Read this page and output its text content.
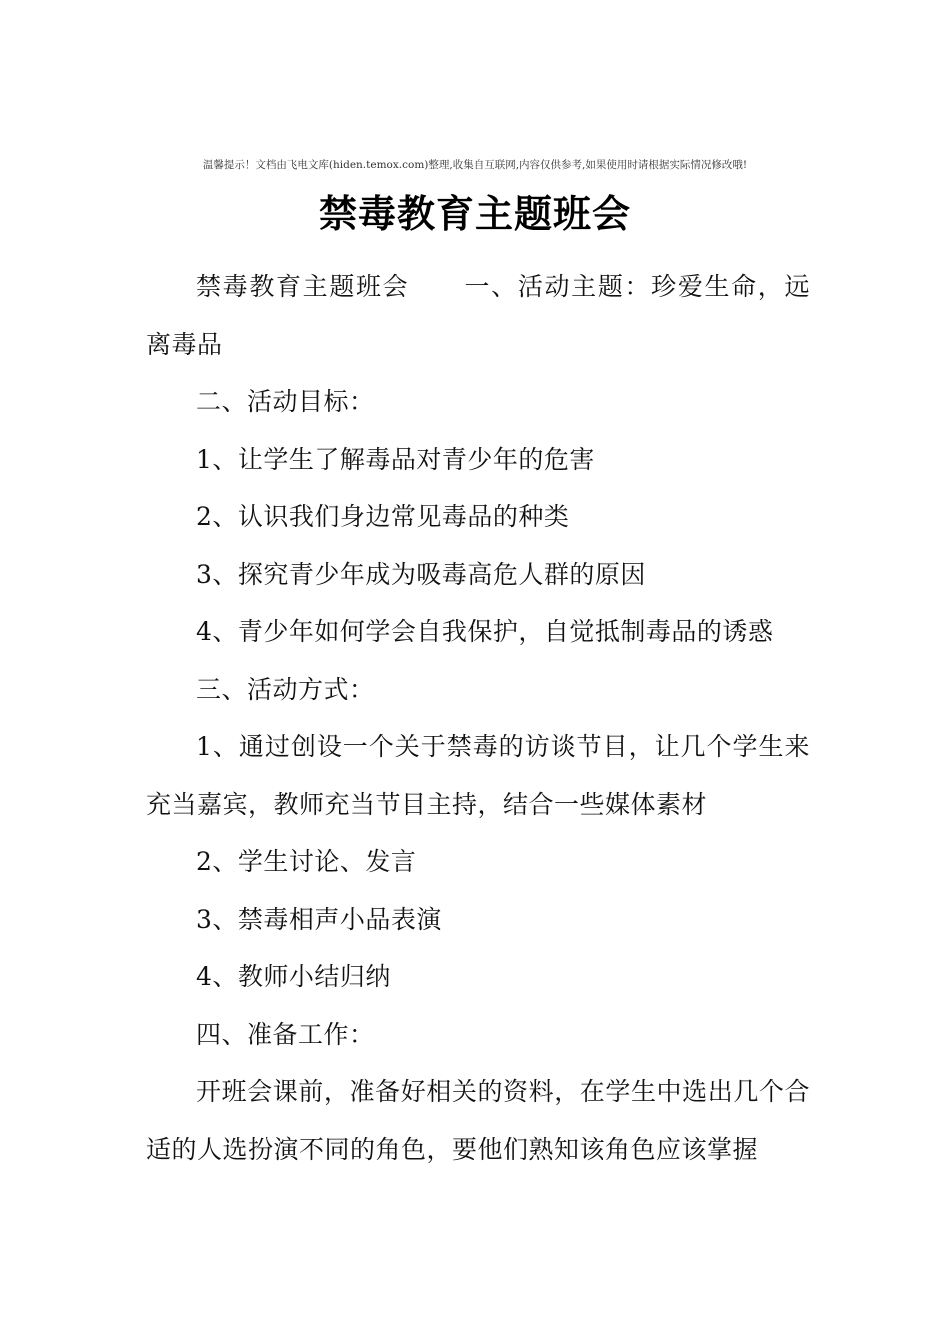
温馨提示！文档由飞电文库(hiden.temox.com)整理,收集自互联网,内容仅供参考,如果使用时请根据实际情况修改哦!
禁毒教育主题班会

禁毒教育主题班会 一、活动主题：珍爱生命，远离毒品

二、活动目标：

1、让学生了解毒品对青少年的危害

2、认识我们身边常见毒品的种类

3、探究青少年成为吸毒高危人群的原因

4、青少年如何学会自我保护，自觉抵制毒品的诱惑

三、活动方式：

1、通过创设一个关于禁毒的访谈节目，让几个学生来充当嘉宾，教师充当节目主持，结合一些媒体素材

2、学生讨论、发言

3、禁毒相声小品表演

4、教师小结归纳

四、准备工作：

开班会课前，准备好相关的资料，在学生中选出几个合适的人选扮演不同的角色，要他们熟知该角色应该掌握
